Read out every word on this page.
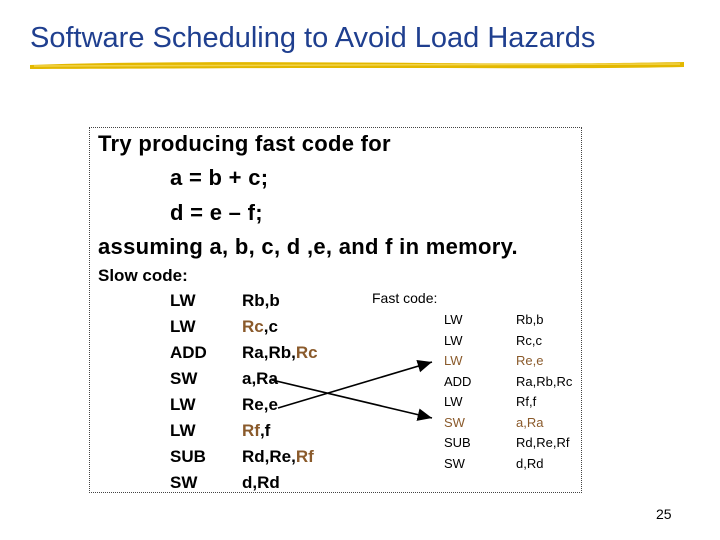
Software Scheduling to Avoid Load Hazards
Try producing fast code for
a = b + c;
d = e – f;
assuming a, b, c, d ,e, and f in memory.
Slow code:
LW	Rb,b
LW	Rc,c
ADD Ra,Rb,Rc
SW	a,Ra
LW	Re,e
LW	Rf,f
SUB Rd,Re,Rf
SW	d,Rd
Fast code:
LW	Rb,b
LW	Rc,c
LW	Re,e
ADD	Ra,Rb,Rc
LW	Rf,f
SW	a,Ra
SUB	Rd,Re,Rf
SW	d,Rd
25
